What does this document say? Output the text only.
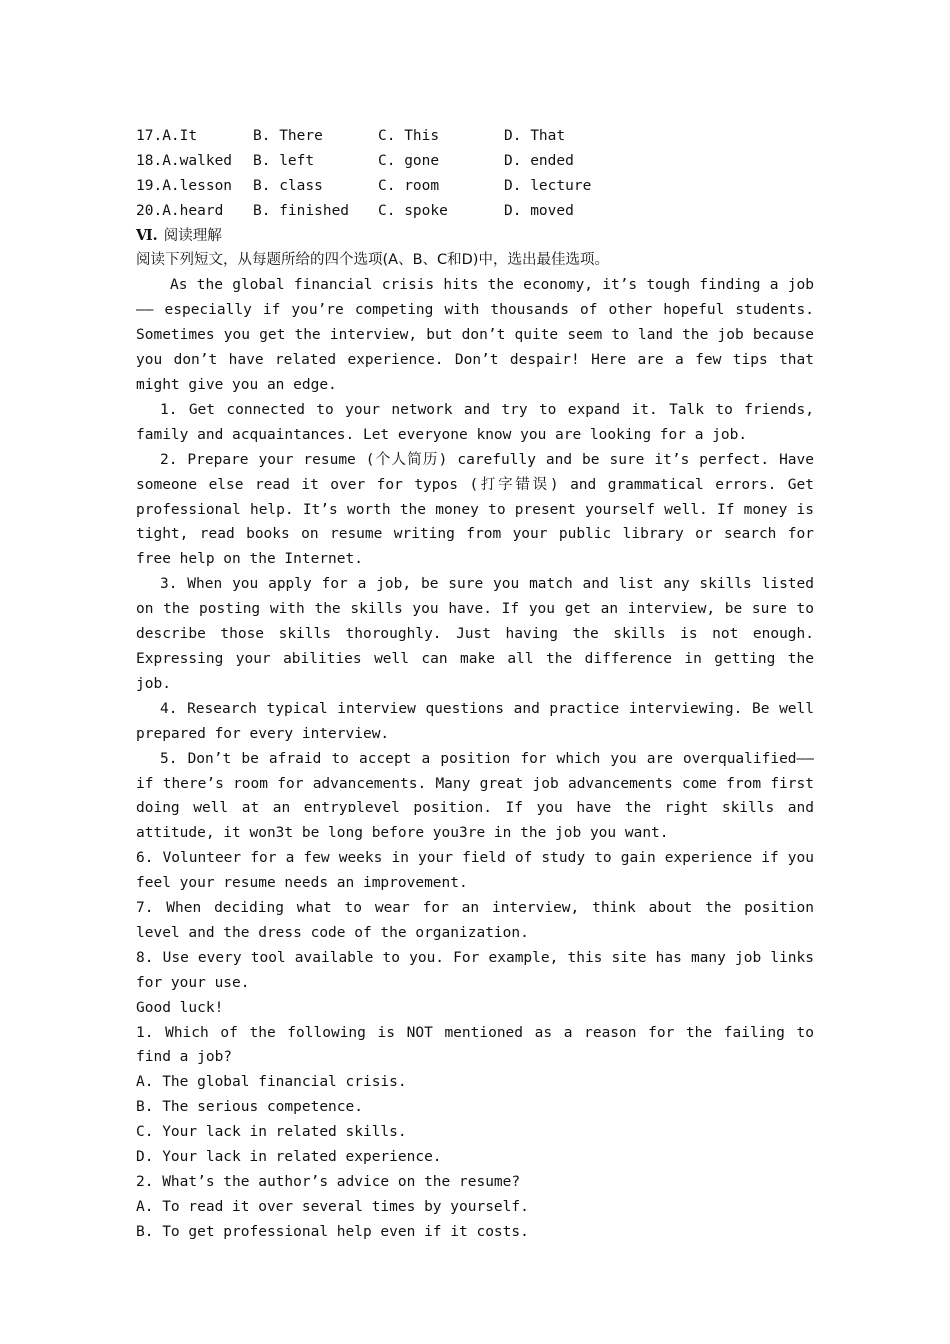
17.A.It	B. There	C. This	D. That
18.A.walked	B. left	C. gone	D. ended
19.A.lesson	B. class	C. room	D. lecture
20.A.heard	B. finished	C. spoke	D. moved
Ⅵ. 阅读理解
阅读下列短文，从每题所给的四个选项(A、B、C和D)中，选出最佳选项。
As the global financial crisis hits the economy, it’s tough finding a job—— especially if you’re competing with thousands of other hopeful students. Sometimes you get the interview, but don’t quite seem to land the job because you don’t have related experience. Don’t despair! Here are a few tips that might give you an edge.
1. Get connected to your network and try to expand it. Talk to friends, family and acquaintances. Let everyone know you are looking for a job.
2. Prepare your resume (个人简历) carefully and be sure it’s perfect. Have someone else read it over for typos (打字错误) and grammatical errors. Get professional help. It’s worth the money to present yourself well. If money is tight, read books on resume writing from your public library or search for free help on the Internet.
3. When you apply for a job, be sure you match and list any skills listed on the posting with the skills you have. If you get an interview, be sure to describe those skills thoroughly. Just having the skills is not enough. Expressing your abilities well can make all the difference in getting the job.
4. Research typical interview questions and practice interviewing. Be well prepared for every interview.
5. Don’t be afraid to accept a position for which you are overqualified——if there’s room for advancements. Many great job advancements come from first doing well at an entryɒlevel position. If you have the right skills and attitude, it won3t be long before you3re in the job you want.
6. Volunteer for a few weeks in your field of study to gain experience if you feel your resume needs an improvement.
7. When deciding what to wear for an interview, think about the position level and the dress code of the organization.
8. Use every tool available to you. For example, this site has many job links for your use.
Good luck!
1. Which of the following is NOT mentioned as a reason for the failing to find a job?
A. The global financial crisis.
B. The serious competence.
C. Your lack in related skills.
D. Your lack in related experience.
2. What’s the author’s advice on the resume?
A. To read it over several times by yourself.
B. To get professional help even if it costs.
